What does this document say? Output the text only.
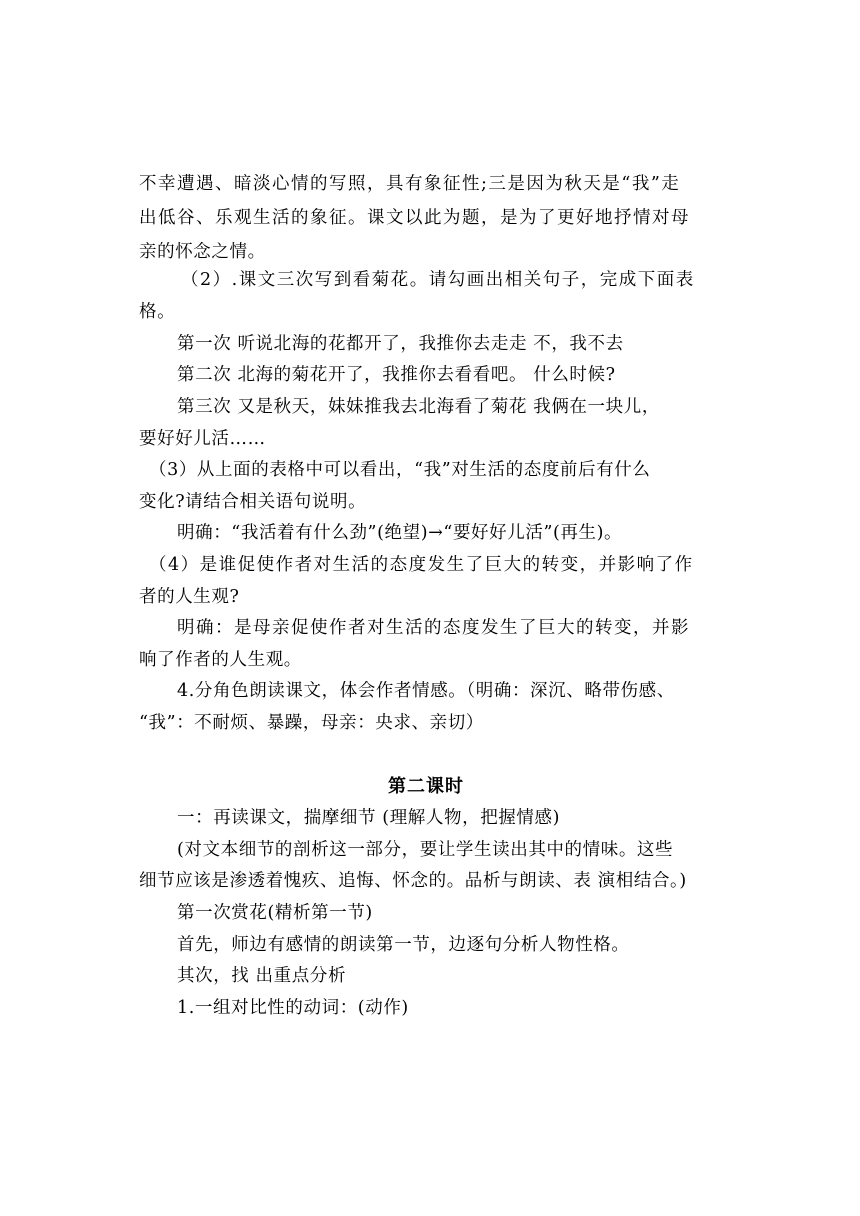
不幸遭遇、暗淡心情的写照，具有象征性;三是因为秋天是“我”走
出低谷、乐观生活的象征。课文以此为题，是为了更好地抒情对母
亲的怀念之情。
（2）.课文三次写到看菊花。请勾画出相关句子，完成下面表
格。
第一次 听说北海的花都开了，我推你去走走 不，我不去
第二次 北海的菊花开了，我推你去看看吧。 什么时候?
第三次 又是秋天，妹妹推我去北海看了菊花 我俩在一块儿，
要好好儿活……
（3）从上面的表格中可以看出，“我”对生活的态度前后有什么
变化?请结合相关语句说明。
明确：“我活着有什么劲”(绝望)→“要好好儿活”(再生)。
（4）是谁促使作者对生活的态度发生了巨大的转变，并影响了作
者的人生观?
明确：是母亲促使作者对生活的态度发生了巨大的转变，并影
响了作者的人生观。
4.分角色朗读课文，体会作者情感。（明确：深沉、略带伤感、
“我”：不耐烦、暴躁，母亲：央求、亲切）
第二课时
一：再读课文，揣摩细节 (理解人物，把握情感)
(对文本细节的剖析这一部分，要让学生读出其中的情味。这些
细节应该是渗透着愧疚、追悔、怀念的。品析与朗读、表 演相结合。)
第一次赏花(精析第一节)
首先，师边有感情的朗读第一节，边逐句分析人物性格。
其次，找 出重点分析
1.一组对比性的动词：(动作)
